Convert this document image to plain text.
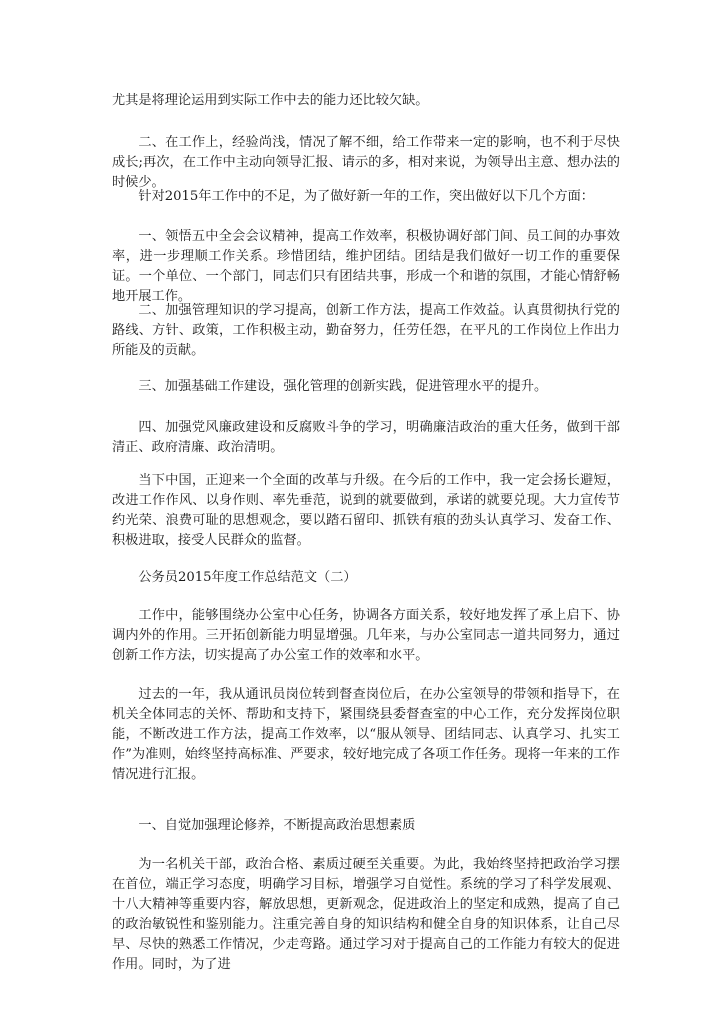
尤其是将理论运用到实际工作中去的能力还比较欠缺。

二、在工作上，经验尚浅，情况了解不细，给工作带来一定的影响，也不利于尽快成长;再次，在工作中主动向领导汇报、请示的多，相对来说，为领导出主意、想办法的时候少。

针对2015年工作中的不足，为了做好新一年的工作，突出做好以下几个方面：

一、领悟五中全会会议精神，提高工作效率，积极协调好部门间、员工间的办事效率，进一步理顺工作关系。珍惜团结，维护团结。团结是我们做好一切工作的重要保证。一个单位、一个部门，同志们只有团结共事，形成一个和谐的氛围，才能心情舒畅地开展工作。

二、加强管理知识的学习提高，创新工作方法，提高工作效益。认真贯彻执行党的路线、方针、政策，工作积极主动，勤奋努力，任劳任怨，在平凡的工作岗位上作出力所能及的贡献。

三、加强基础工作建设，强化管理的创新实践，促进管理水平的提升。

四、加强党风廉政建设和反腐败斗争的学习，明确廉洁政治的重大任务，做到干部清正、政府清廉、政治清明。

当下中国，正迎来一个全面的改革与升级。在今后的工作中，我一定会扬长避短，改进工作作风、以身作则、率先垂范，说到的就要做到，承诺的就要兑现。大力宣传节约光荣、浪费可耻的思想观念，要以踏石留印、抓铁有痕的劲头认真学习、发奋工作、积极进取，接受人民群众的监督。

公务员2015年度工作总结范文（二）

工作中，能够围绕办公室中心任务，协调各方面关系，较好地发挥了承上启下、协调内外的作用。三开拓创新能力明显增强。几年来，与办公室同志一道共同努力，通过创新工作方法，切实提高了办公室工作的效率和水平。

过去的一年，我从通讯员岗位转到督查岗位后，在办公室领导的带领和指导下，在机关全体同志的关怀、帮助和支持下，紧围绕县委督查室的中心工作，充分发挥岗位职能，不断改进工作方法，提高工作效率，以“服从领导、团结同志、认真学习、扎实工作”为准则，始终坚持高标准、严要求，较好地完成了各项工作任务。现将一年来的工作情况进行汇报。

一、自觉加强理论修养，不断提高政治思想素质

为一名机关干部，政治合格、素质过硬至关重要。为此，我始终坚持把政治学习摆在首位，端正学习态度，明确学习目标，增强学习自觉性。系统的学习了科学发展观、十八大精神等重要内容，解放思想，更新观念，促进政治上的坚定和成熟，提高了自己的政治敏锐性和鉴别能力。注重完善自身的知识结构和健全自身的知识体系，让自己尽早、尽快的熟悉工作情况，少走弯路。通过学习对于提高自己的工作能力有较大的促进作用。同时，为了进
